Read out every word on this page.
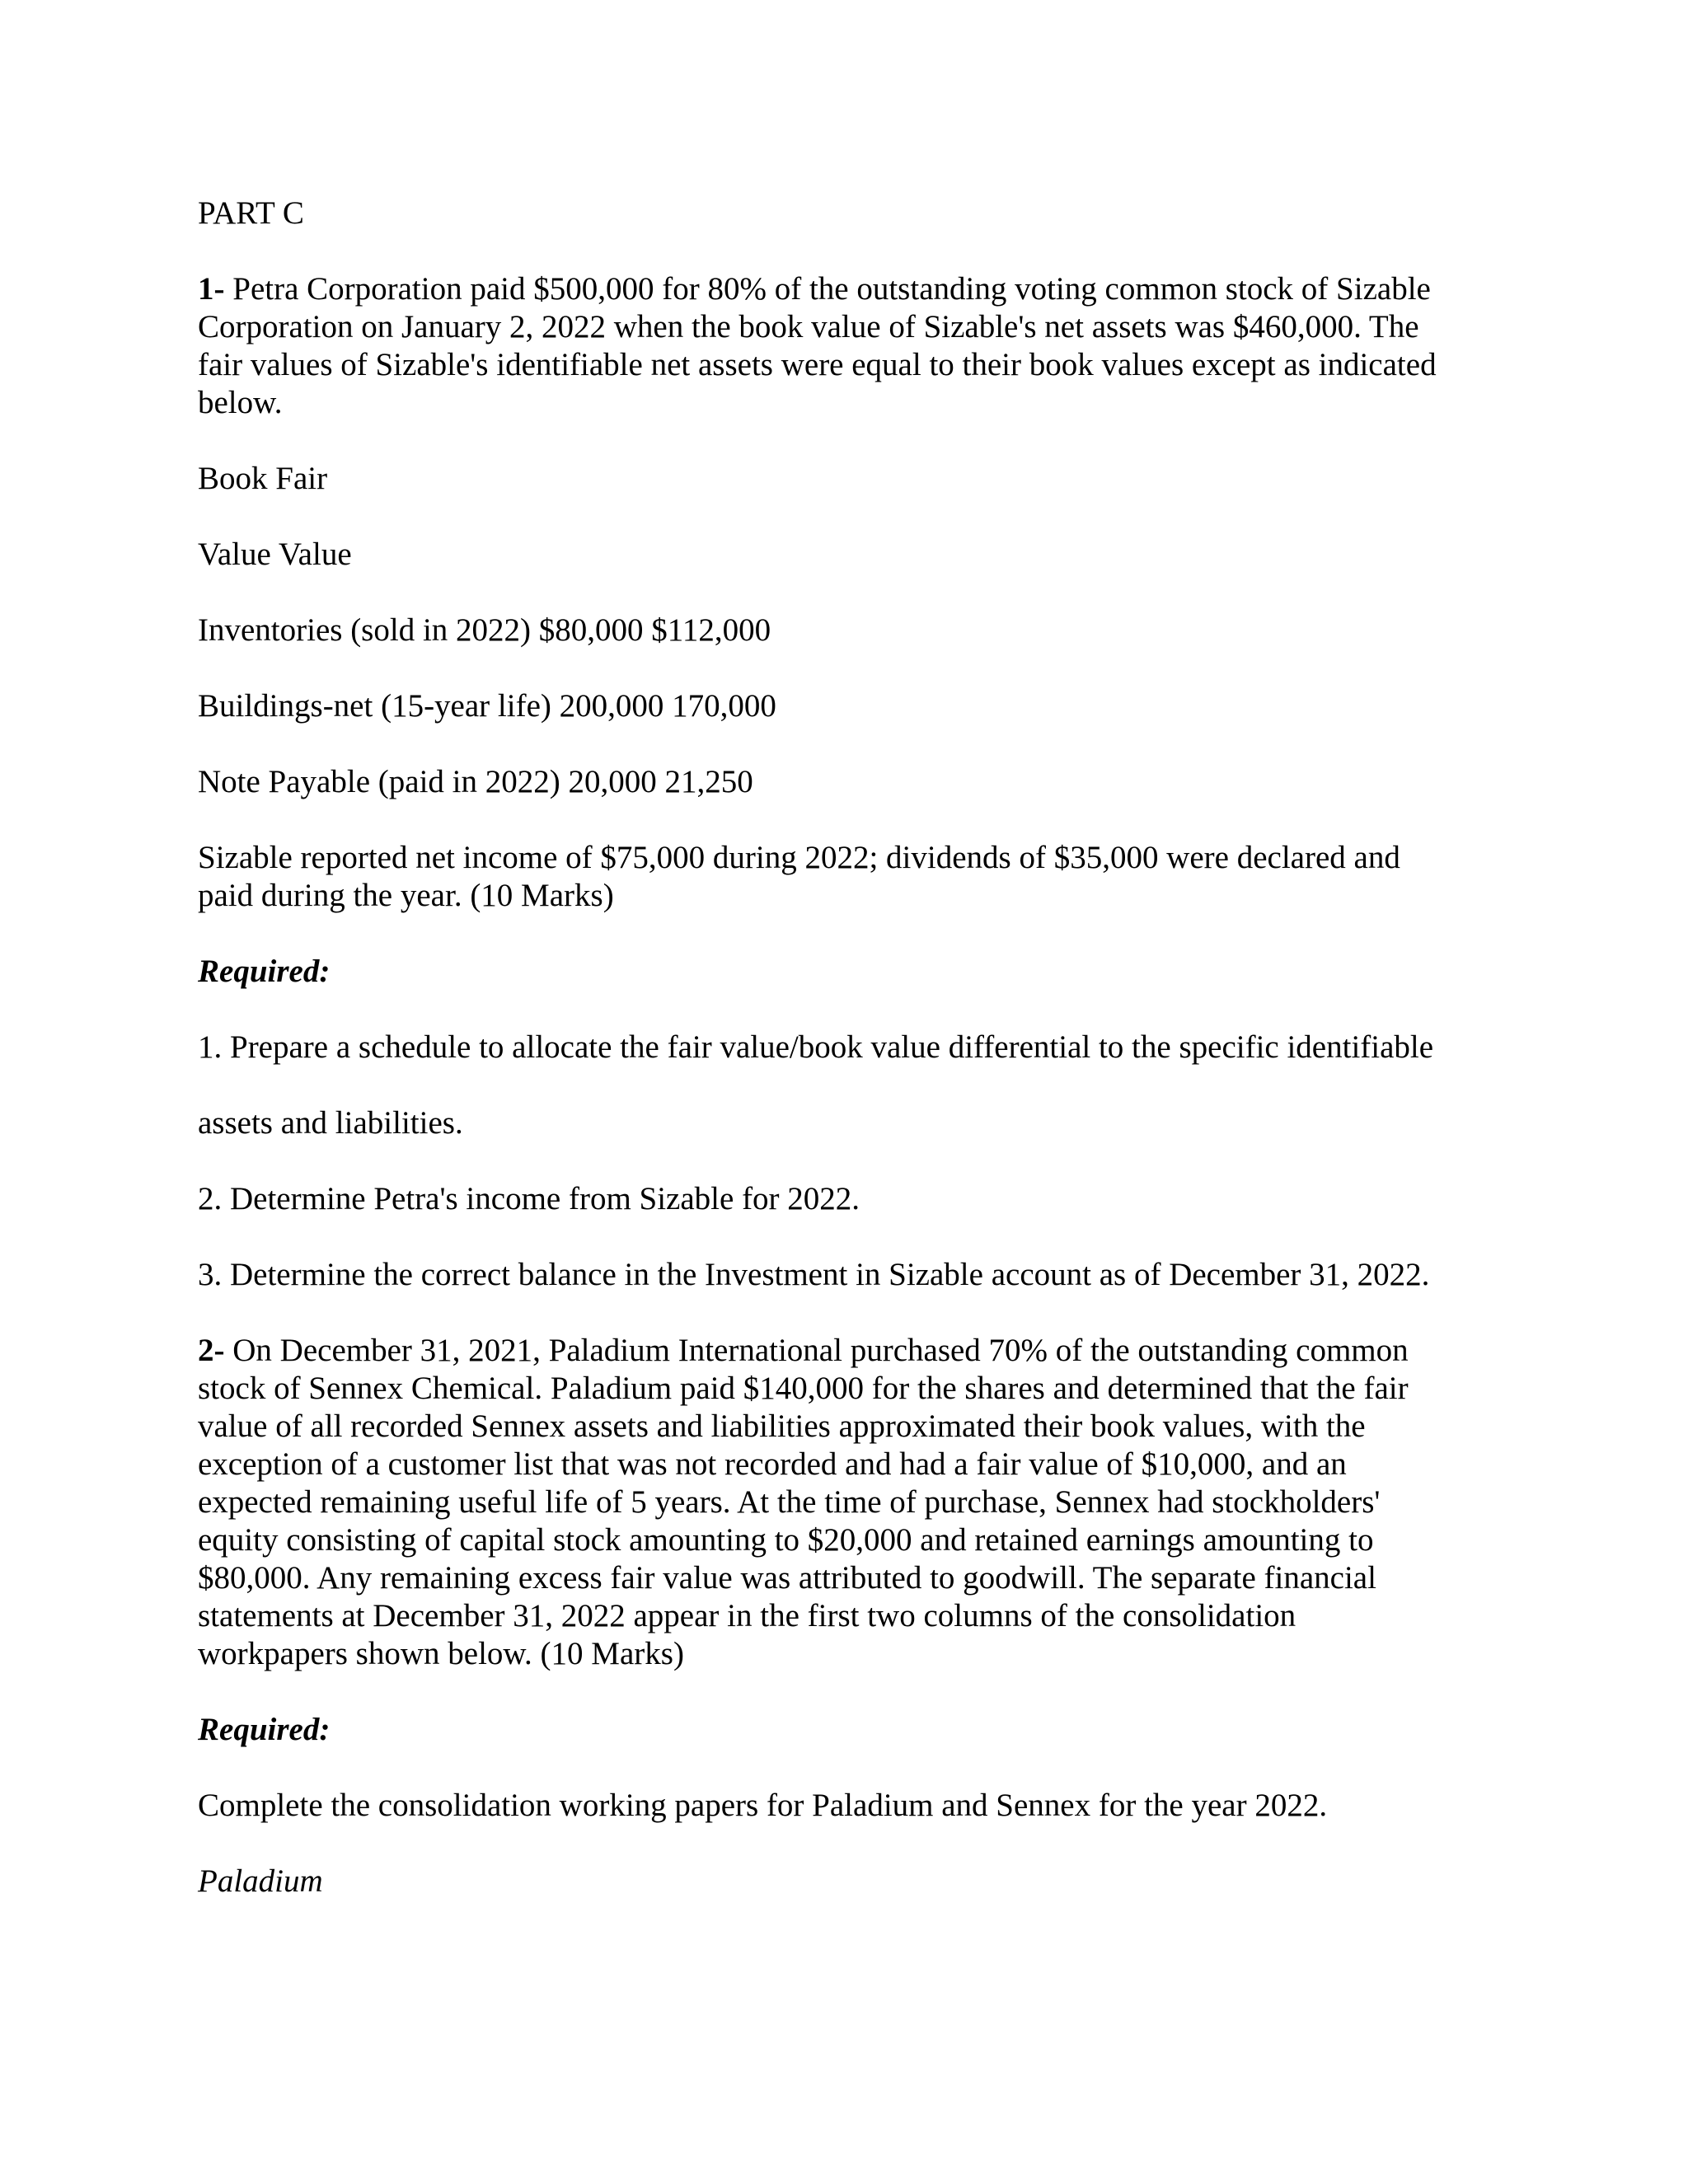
PART C

1- Petra Corporation paid $500,000 for 80% of the outstanding voting common stock of Sizable
Corporation on January 2, 2022 when the book value of Sizable's net assets was $460,000. The
fair values of Sizable's identifiable net assets were equal to their book values except as indicated
below.

Book Fair

Value Value

Inventories (sold in 2022) $80,000 $112,000

Buildings-net (15-year life) 200,000 170,000

Note Payable (paid in 2022) 20,000 21,250

Sizable reported net income of $75,000 during 2022; dividends of $35,000 were declared and
paid during the year. (10 Marks)

Required:

1. Prepare a schedule to allocate the fair value/book value differential to the specific identifiable

assets and liabilities.

2. Determine Petra's income from Sizable for 2022.

3. Determine the correct balance in the Investment in Sizable account as of December 31, 2022.

2- On December 31, 2021, Paladium International purchased 70% of the outstanding common
stock of Sennex Chemical. Paladium paid $140,000 for the shares and determined that the fair
value of all recorded Sennex assets and liabilities approximated their book values, with the
exception of a customer list that was not recorded and had a fair value of $10,000, and an
expected remaining useful life of 5 years. At the time of purchase, Sennex had stockholders'
equity consisting of capital stock amounting to $20,000 and retained earnings amounting to
$80,000. Any remaining excess fair value was attributed to goodwill. The separate financial
statements at December 31, 2022 appear in the first two columns of the consolidation
workpapers shown below. (10 Marks)

Required:

Complete the consolidation working papers for Paladium and Sennex for the year 2022.

Paladium
